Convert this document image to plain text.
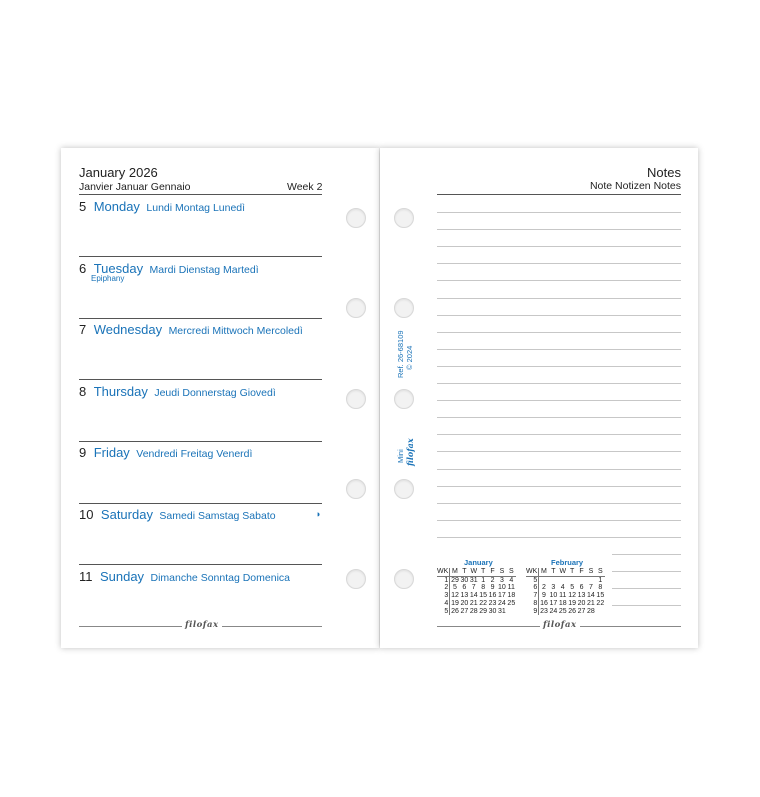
January 2026
Janvier Januar Gennaio	Week 2
5 Monday Lundi Montag Lunedì
6 Tuesday Mardi Dienstag Martedì
Epiphany
7 Wednesday Mercredi Mittwoch Mercoledì
8 Thursday Jeudi Donnerstag Giovedì
9 Friday Vendredi Freitag Venerdì
10 Saturday Samedi Samstag Sabato	◑
11 Sunday Dimanche Sonntag Domenica
filofax
Ref. 26-68109 © 2024
Mini filofax
Notes
Note Notizen Notes
January
WK	M	T	W	T	F	S	S
1	29	30	31	1	2	3	4
2	5	6	7	8	9	10	11
3	12	13	14	15	16	17	18
4	19	20	21	22	23	24	25
5	26	27	28	29	30	31	
February
WK	M	T	W	T	F	S	S
5							1
6	2	3	4	5	6	7	8
7	9	10	11	12	13	14	15
8	16	17	18	19	20	21	22
9	23	24	25	26	27	28	
filofax
